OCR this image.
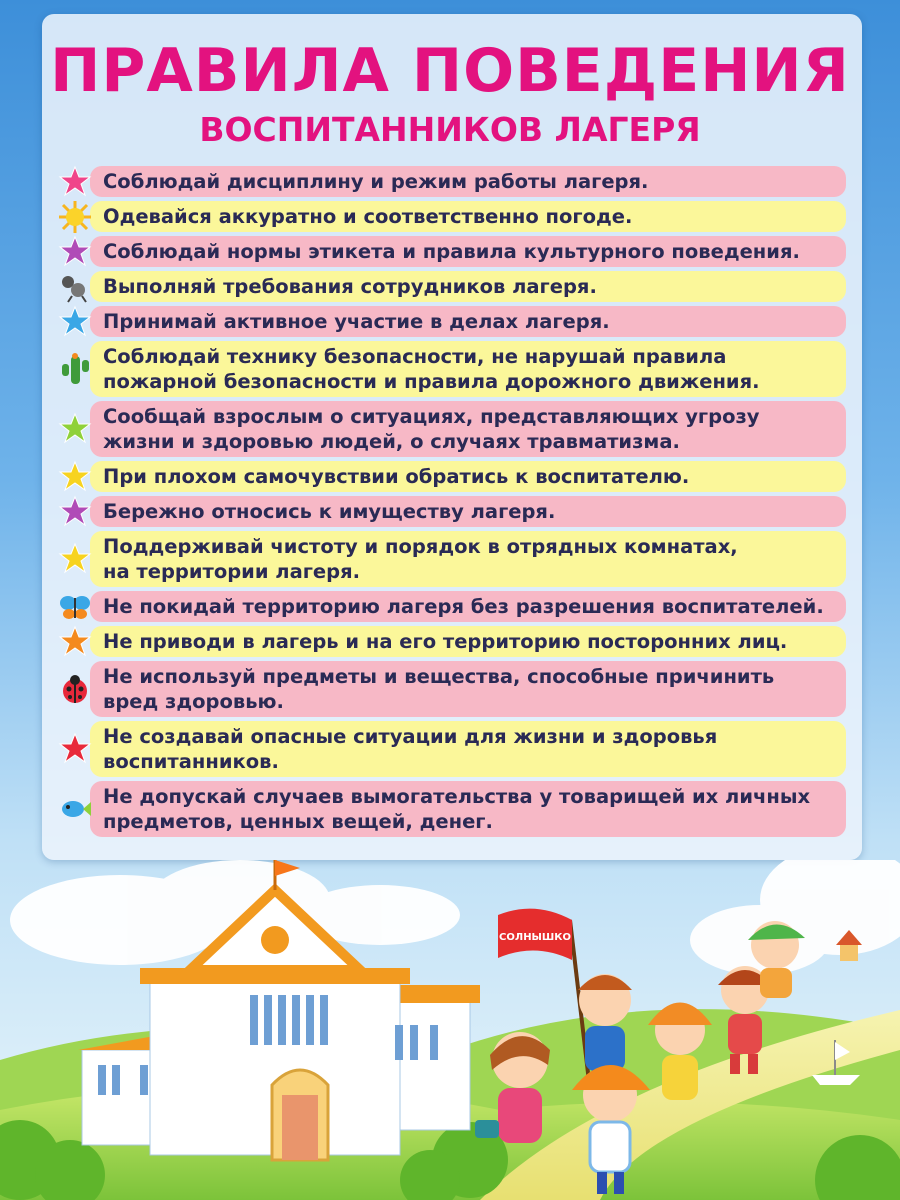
ПРАВИЛА ПОВЕДЕНИЯ
ВОСПИТАННИКОВ ЛАГЕРЯ
Соблюдай дисциплину и режим работы лагеря.
Одевайся аккуратно и соответственно погоде.
Соблюдай нормы этикета и правила культурного поведения.
Выполняй требования сотрудников лагеря.
Принимай активное участие в делах лагеря.
Соблюдай технику безопасности, не нарушай правила
пожарной безопасности и правила дорожного движения.
Сообщай взрослым о ситуациях, представляющих угрозу
жизни и здоровью людей, о случаях травматизма.
При плохом самочувствии обратись к воспитателю.
Бережно относись к имуществу лагеря.
Поддерживай чистоту и порядок в отрядных комнатах,
на территории лагеря.
Не покидай территорию лагеря без разрешения воспитателей.
Не приводи в лагерь и на его территорию посторонних лиц.
Не используй предметы и вещества, способные причинить
вред здоровью.
Не создавай опасные ситуации для жизни и здоровья
воспитанников.
Не допускай случаев вымогательства у товарищей их личных
предметов, ценных вещей, денег.
СОЛНЫШКО
